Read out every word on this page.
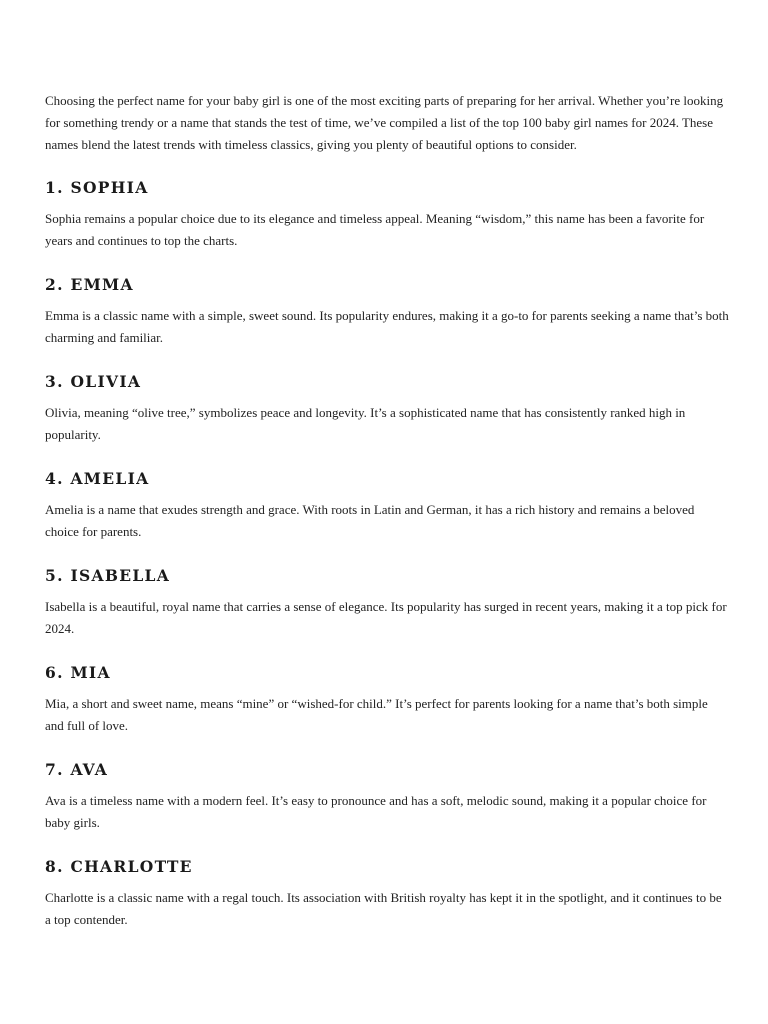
Choosing the perfect name for your baby girl is one of the most exciting parts of preparing for her arrival. Whether you’re looking for something trendy or a name that stands the test of time, we’ve compiled a list of the top 100 baby girl names for 2024. These names blend the latest trends with timeless classics, giving you plenty of beautiful options to consider.

1. SOPHIA

Sophia remains a popular choice due to its elegance and timeless appeal. Meaning “wisdom,” this name has been a favorite for years and continues to top the charts.

2. EMMA

Emma is a classic name with a simple, sweet sound. Its popularity endures, making it a go-to for parents seeking a name that’s both charming and familiar.

3. OLIVIA

Olivia, meaning “olive tree,” symbolizes peace and longevity. It’s a sophisticated name that has consistently ranked high in popularity.

4. AMELIA

Amelia is a name that exudes strength and grace. With roots in Latin and German, it has a rich history and remains a beloved choice for parents.

5. ISABELLA

Isabella is a beautiful, royal name that carries a sense of elegance. Its popularity has surged in recent years, making it a top pick for 2024.

6. MIA

Mia, a short and sweet name, means “mine” or “wished-for child.” It’s perfect for parents looking for a name that’s both simple and full of love.

7. AVA

Ava is a timeless name with a modern feel. It’s easy to pronounce and has a soft, melodic sound, making it a popular choice for baby girls.

8. CHARLOTTE

Charlotte is a classic name with a regal touch. Its association with British royalty has kept it in the spotlight, and it continues to be a top contender.
